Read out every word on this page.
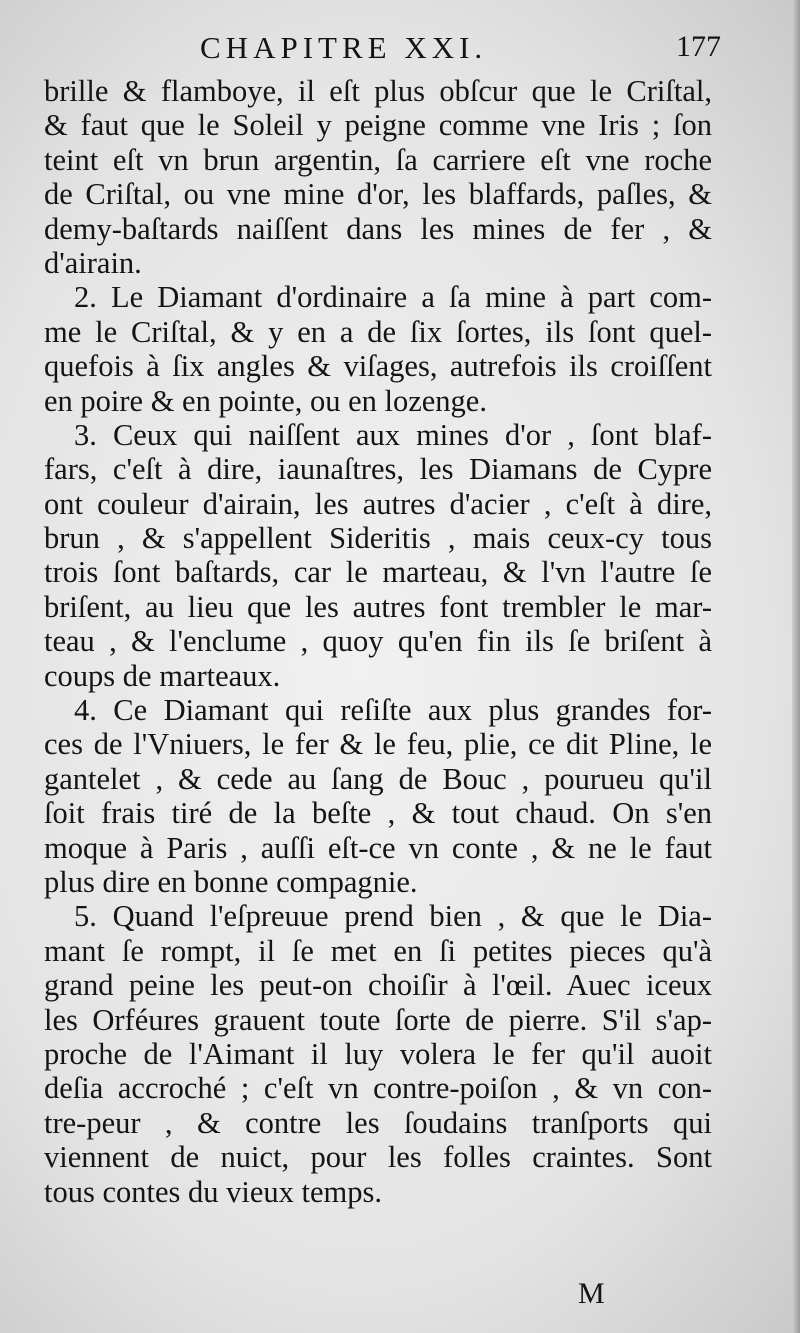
CHAPITRE XXI.	177
brille & flamboye, il eſt plus obſcur que le Criſtal,
& faut que le Soleil y peigne comme vne Iris ; ſon
teint eſt vn brun argentin, ſa carriere eſt vne roche
de Criſtal, ou vne mine d'or, les blaffards, paſles, &
demy-baſtards naiſſent dans les mines de fer , &
d'airain.
2. Le Diamant d'ordinaire a ſa mine à part com-
me le Criſtal, & y en a de ſix ſortes, ils ſont quel-
quefois à ſix angles & viſages, autrefois ils croiſſent
en poire & en pointe, ou en lozenge.
3. Ceux qui naiſſent aux mines d'or , ſont blaf-
fars, c'eſt à dire, iaunaſtres, les Diamans de Cypre
ont couleur d'airain, les autres d'acier , c'eſt à dire,
brun , & s'appellent Sideritis , mais ceux-cy tous
trois ſont baſtards, car le marteau, & l'vn l'autre ſe
briſent, au lieu que les autres font trembler le mar-
teau , & l'enclume , quoy qu'en fin ils ſe briſent à
coups de marteaux.
4. Ce Diamant qui reſiſte aux plus grandes for-
ces de l'Vniuers, le fer & le feu, plie, ce dit Pline, le
gantelet , & cede au ſang de Bouc , pourueu qu'il
ſoit frais tiré de la beſte , & tout chaud. On s'en
moque à Paris , auſſi eſt-ce vn conte , & ne le faut
plus dire en bonne compagnie.
5. Quand l'eſpreuue prend bien , & que le Dia-
mant ſe rompt, il ſe met en ſi petites pieces qu'à
grand peine les peut-on choiſir à l'œil. Auec iceux
les Orféures grauent toute ſorte de pierre. S'il s'ap-
proche de l'Aimant il luy volera le fer qu'il auoit
deſia accroché ; c'eſt vn contre-poiſon , & vn con-
tre-peur , & contre les ſoudains tranſports qui
viennent de nuict, pour les folles craintes. Sont
tous contes du vieux temps.
M
